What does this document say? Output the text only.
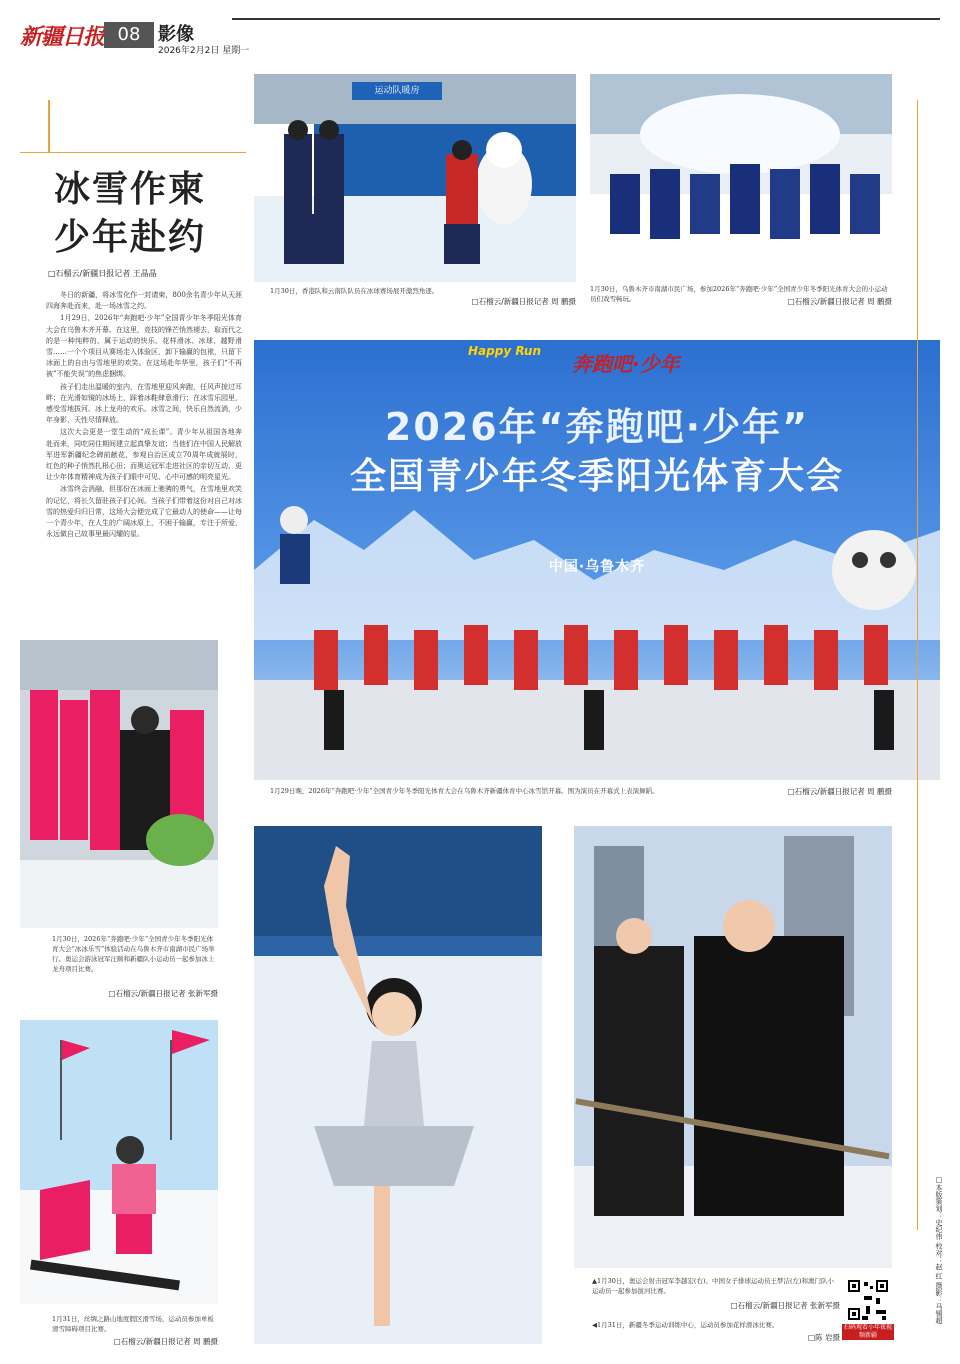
新疆日报 08 影像
2026年2月2日 星期一
冰雪作柬
少年赴约
□石榴云/新疆日报记者 王晶晶

冬日的新疆，将冰雪化作一封请柬，800余名青少年从天涯四海奔赴而来，赴一场冰雪之约。

1月29日，2026年“奔跑吧·少年”全国青少年冬季阳光体育大会在乌鲁木齐开幕。在这里，竞技的锋芒悄然褪去，取而代之的是一种纯粹的、属于运动的快乐。花样滑冰、冰球、越野滑雪……一个个项目从赛场走入体验区，卸下输赢的包袱，只留下冰面上的自由与雪地里的欢笑。在这场赴年华里，孩子们“不再被”不能失误”的焦虑捆绑。

孩子们走出温暖的室内，在雪地里迎风奔跑，任风声掠过耳畔；在光滑如镜的冰场上，踩着冰鞋肆意滑行；在冰雪乐园里，感受雪地拔河、冰上龙舟的欢乐。冰雪之间，快乐自然流淌，少年身影，天性尽情释放。

这次大会更是一堂生动的“成长课”。青少年从祖国各地奔赴而来，同吃同住期间建立起真挚友谊；当他们在中国人民解放军进军新疆纪念碑前献花，参观自治区成立70周年成就展时，红色的种子悄然扎根心田；而奥运冠军走进社区的亲切互动，更让少年体育精神成为孩子们眼中可见、心中可感的明亮星光。

冰雪终会消融，但那份在冰面上驰骋的勇气，在雪地里欢笑的记忆，将长久留驻孩子们心间。当孩子们带着这份对自己对冰雪的热爱归归日常，这场大会便完成了它最动人的使命——让每一个青少年，在人生的广阔冰原上，不困于输赢，专注于所爱，永远做自己故事里最闪耀的星。

运动队暖房
1月30日，香港队和云南队队员在冰球赛场展开激烈角逐。
□石榴云/新疆日报记者 周 鹏摄
1月30日，乌鲁木齐市南湖市民广场，参加2026年“奔跑吧·少年”全国青少年冬季阳光体育大会的小运动员们戏雪畅玩。	□石榴云/新疆日报记者 周 鹏摄
Happy Run
奔跑吧·少年
2026年“奔跑吧·少年”
全国青少年冬季阳光体育大会
中国·乌鲁木齐
1月29日晚，2026年“奔跑吧·少年”全国青少年冬季阳光体育大会在乌鲁木齐新疆体育中心冰雪馆开幕。图为演员在开幕式上表演舞蹈。	□石榴云/新疆日报记者 周 鹏摄
1月30日，2026年“奔跑吧·少年”全国青少年冬季阳光体育大会“冰冰乐雪”体验活动在乌鲁木齐市南湖市民广场举行。奥运会游泳冠军汪顺和新疆队小运动员一起参加冰上龙舟项目比赛。
□石榴云/新疆日报记者 张新军摄
1月31日，丝绸之路山地度假区滑雪场，运动员参加单板滑雪障碍项目比赛。
□石榴云/新疆日报记者 周 鹏摄
▲1月30日，奥运会射击冠军李越宏(右)、中国女子排球运动员王梦洁(左)和澳门队小运动员一起参加拔河比赛。
□石榴云/新疆日报记者 张新军摄
◀1月31日，新疆冬季运动训练中心，运动员参加花样滑冰比赛。
□陈 岩摄
扫码观看小年夜视频新疆
□本版策划：史纪伟 校对：赵 红 摄影：马锡超
